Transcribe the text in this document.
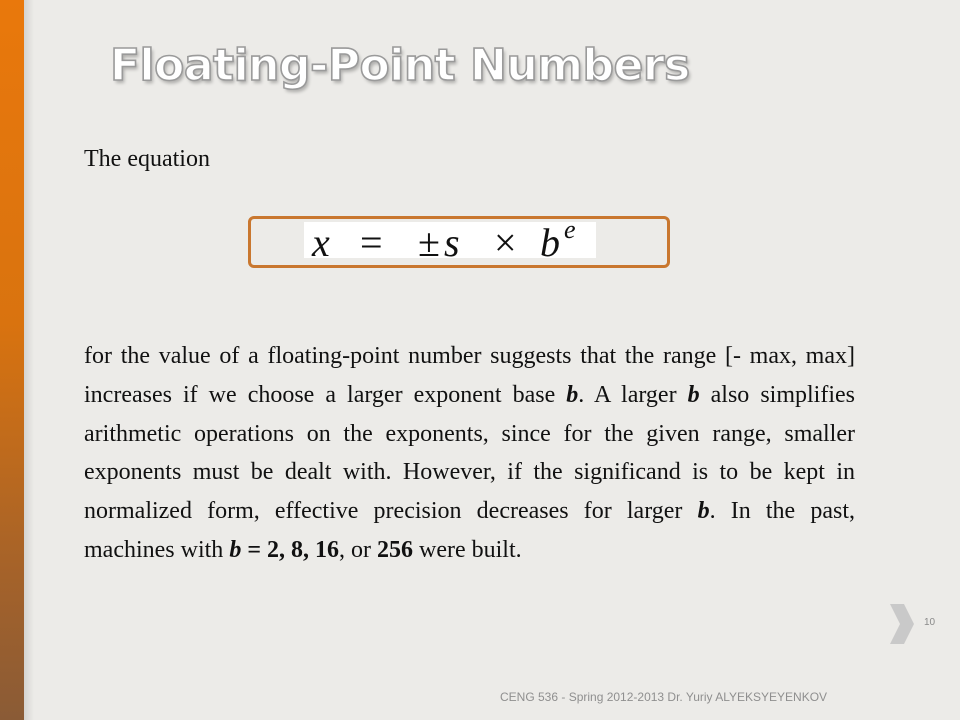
Floating-Point Numbers
The equation
x = ± s × b e

for the value of a floating-point number suggests that the range [- max, max] increases if we choose a larger exponent base b. A larger b also simplifies arithmetic operations on the exponents, since for the given range, smaller exponents must be dealt with. However, if the significand is to be kept in normalized form, effective precision decreases for larger b. In the past, machines with b = 2, 8, 16, or 256 were built.

10
CENG 536 - Spring 2012-2013 Dr. Yuriy ALYEKSYEYENKOV
